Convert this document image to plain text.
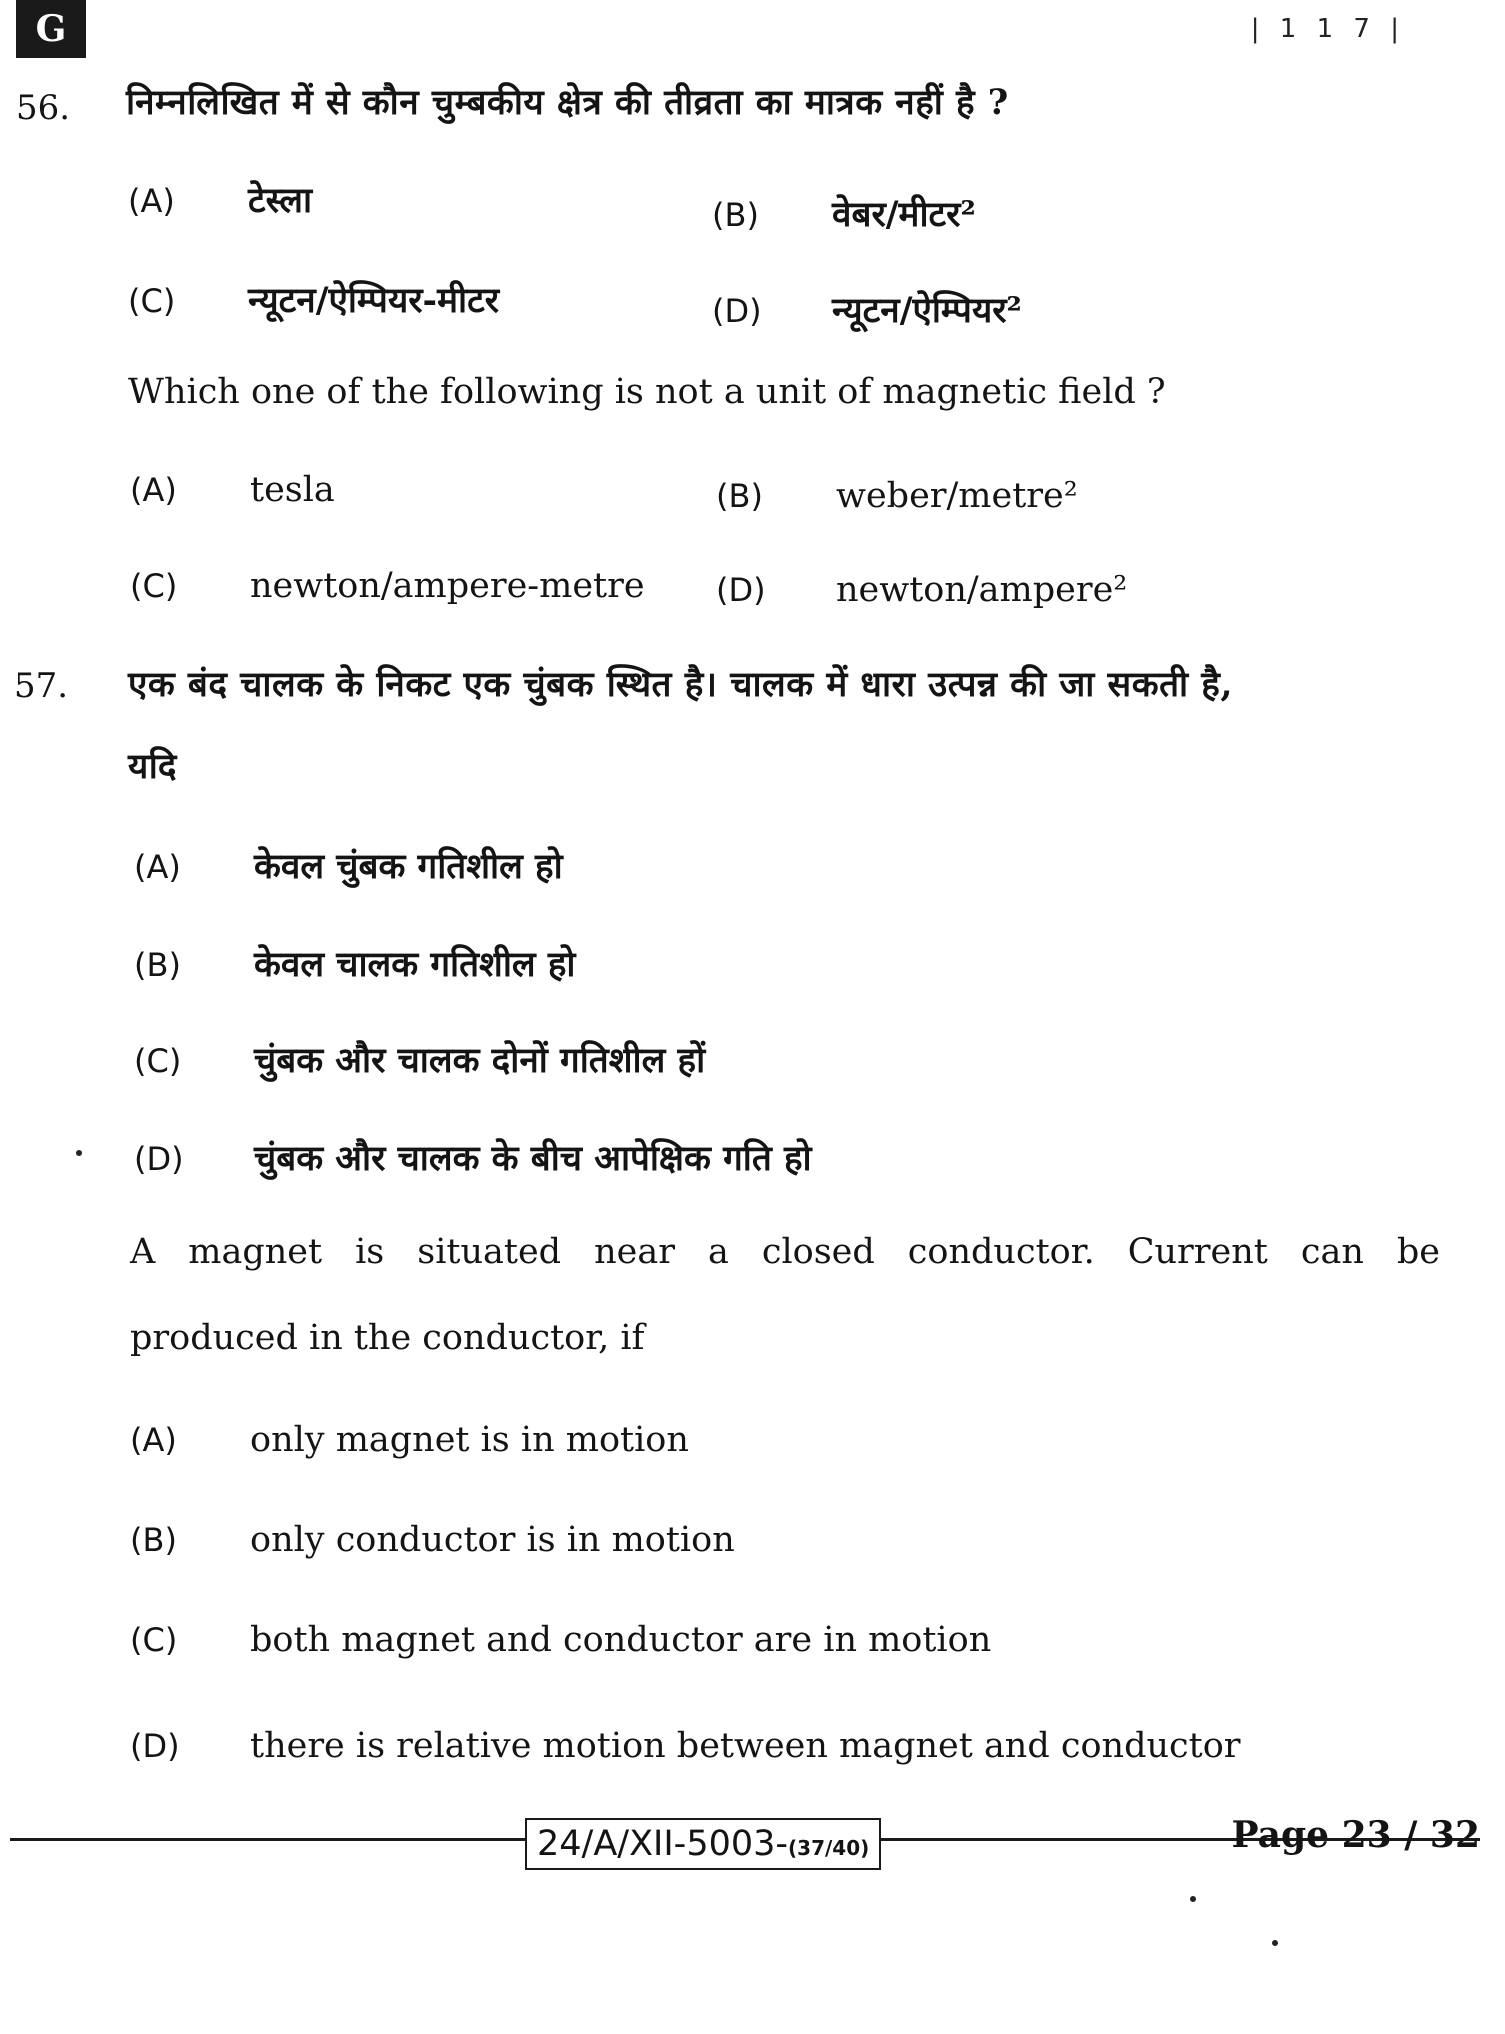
G	| 1 1 7 |
56. निम्नलिखित में से कौन चुम्बकीय क्षेत्र की तीव्रता का मात्रक नहीं है ?
(A)	टेस्ला	(B)	वेबर/मीटर²
(C)	न्यूटन/ऐम्पियर-मीटर	(D)	न्यूटन/ऐम्पियर²
Which one of the following is not a unit of magnetic field ?
(A)	tesla	(B)	weber/metre²
(C)	newton/ampere-metre (D)	newton/ampere²
57. एक बंद चालक के निकट एक चुंबक स्थित है। चालक में धारा उत्पन्न की जा सकती है,
यदि
(A)	केवल चुंबक गतिशील हो
(B)	केवल चालक गतिशील हो
(C)	चुंबक और चालक दोनों गतिशील हों
(D)	चुंबक और चालक के बीच आपेक्षिक गति हो
A magnet is situated near a closed conductor. Current can be
produced in the conductor, if
(A)	only magnet is in motion
(B)	only conductor is in motion
(C)	both magnet and conductor are in motion
(D)	there is relative motion between magnet and conductor
24/A/XII-5003-(37/40)	Page 23 / 32
